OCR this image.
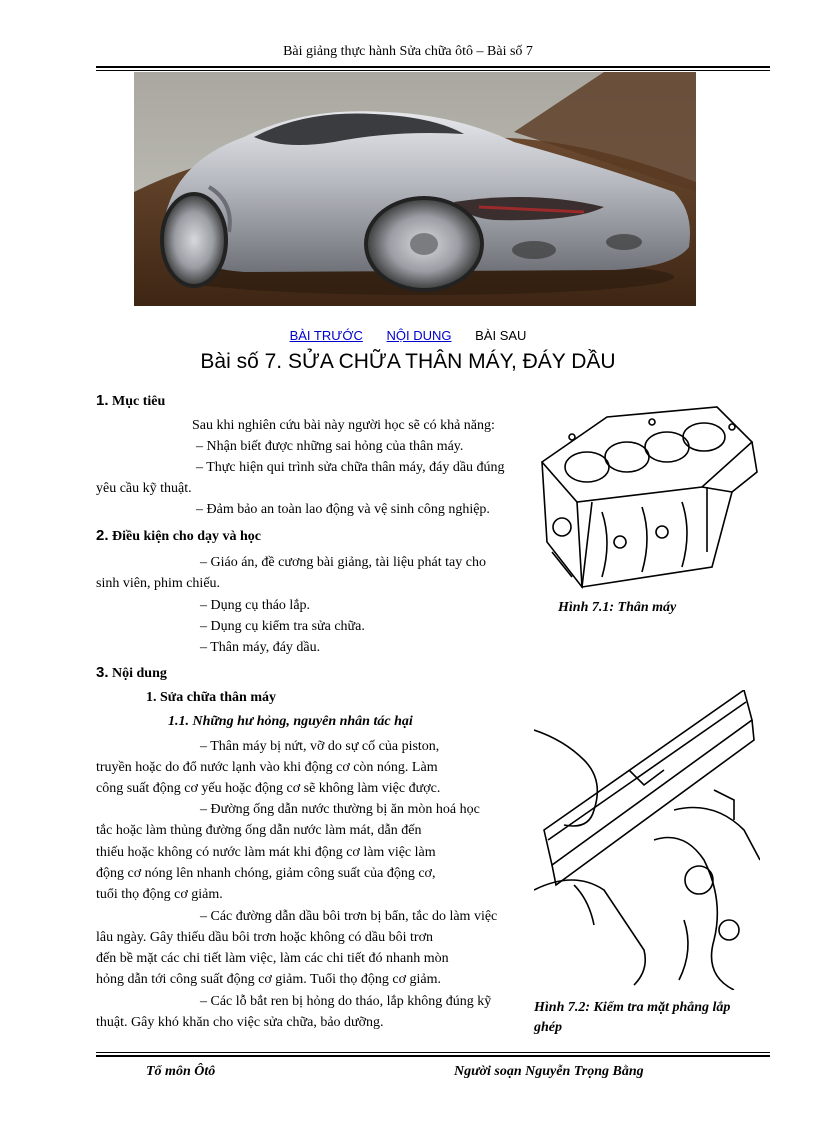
Bài giảng thực hành Sửa chữa ôtô – Bài số 7
BÀI TRƯỚC NỘI DUNG BÀI SAU
Bài số 7. SỬA CHỮA THÂN MÁY, ĐÁY DẦU
1. Mục tiêu
Sau khi nghiên cứu bài này người học sẽ có khả năng:
– Nhận biết được những sai hỏng của thân máy.
– Thực hiện qui trình sửa chữa thân máy, đáy dầu đúng
yêu cầu kỹ thuật.
– Đảm bảo an toàn lao động và vệ sinh công nghiệp.
2. Điều kiện cho dạy và học
– Giáo án, đề cương bài giảng, tài liệu phát tay cho
sinh viên, phim chiếu.
– Dụng cụ tháo lắp.
– Dụng cụ kiểm tra sửa chữa.
– Thân máy, đáy dầu.
3. Nội dung
1. Sửa chữa thân máy
1.1. Những hư hỏng, nguyên nhân tác hại
– Thân máy bị nứt, vỡ do sự cố của piston,
truyền hoặc do đổ nước lạnh vào khi động cơ còn nóng. Làm
công suất động cơ yếu hoặc động cơ sẽ không làm việc được.
– Đường ống dẫn nước thường bị ăn mòn hoá học
tắc hoặc làm thủng đường ống dẫn nước làm mát, dẫn đến
thiếu hoặc không có nước làm mát khi động cơ làm việc làm
động cơ nóng lên nhanh chóng, giảm công suất của động cơ,
tuổi thọ động cơ giảm.
– Các đường dẫn dầu bôi trơn bị bẩn, tắc do làm việc
lâu ngày. Gây thiếu dầu bôi trơn hoặc không có dầu bôi trơn
đến bề mặt các chi tiết làm việc, làm các chi tiết đó nhanh mòn
hỏng dẫn tới công suất động cơ giảm. Tuổi thọ động cơ giảm.
– Các lỗ bắt ren bị hỏng do tháo, lắp không đúng kỹ
thuật. Gây khó khăn cho việc sửa chữa, bảo dưỡng.
Hình 7.1: Thân máy
Hình 7.2: Kiểm tra mặt phẳng lắp
ghép
Tổ môn Ôtô	Người soạn Nguyễn Trọng Bằng
